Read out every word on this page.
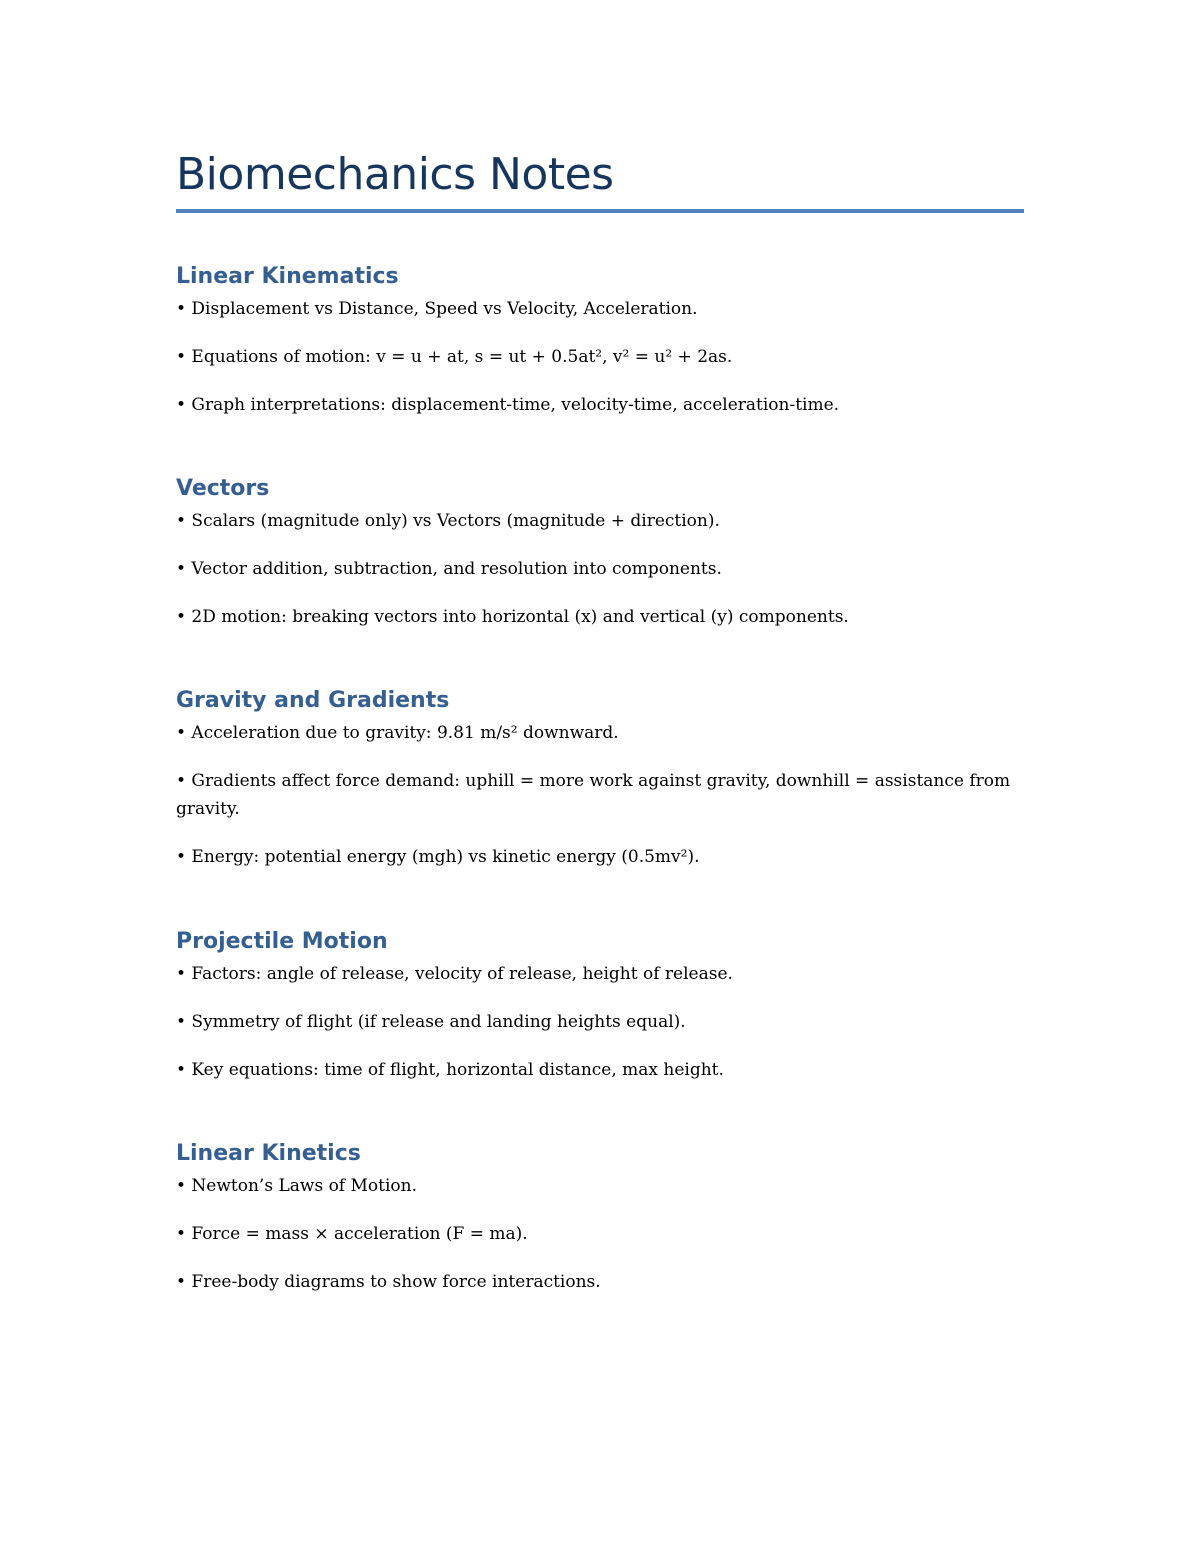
Biomechanics Notes
Linear Kinematics
• Displacement vs Distance, Speed vs Velocity, Acceleration.
• Equations of motion: v = u + at, s = ut + 0.5at², v² = u² + 2as.
• Graph interpretations: displacement-time, velocity-time, acceleration-time.
Vectors
• Scalars (magnitude only) vs Vectors (magnitude + direction).
• Vector addition, subtraction, and resolution into components.
• 2D motion: breaking vectors into horizontal (x) and vertical (y) components.
Gravity and Gradients
• Acceleration due to gravity: 9.81 m/s² downward.
• Gradients affect force demand: uphill = more work against gravity, downhill = assistance from gravity.
• Energy: potential energy (mgh) vs kinetic energy (0.5mv²).
Projectile Motion
• Factors: angle of release, velocity of release, height of release.
• Symmetry of flight (if release and landing heights equal).
• Key equations: time of flight, horizontal distance, max height.
Linear Kinetics
• Newton’s Laws of Motion.
• Force = mass × acceleration (F = ma).
• Free-body diagrams to show force interactions.
